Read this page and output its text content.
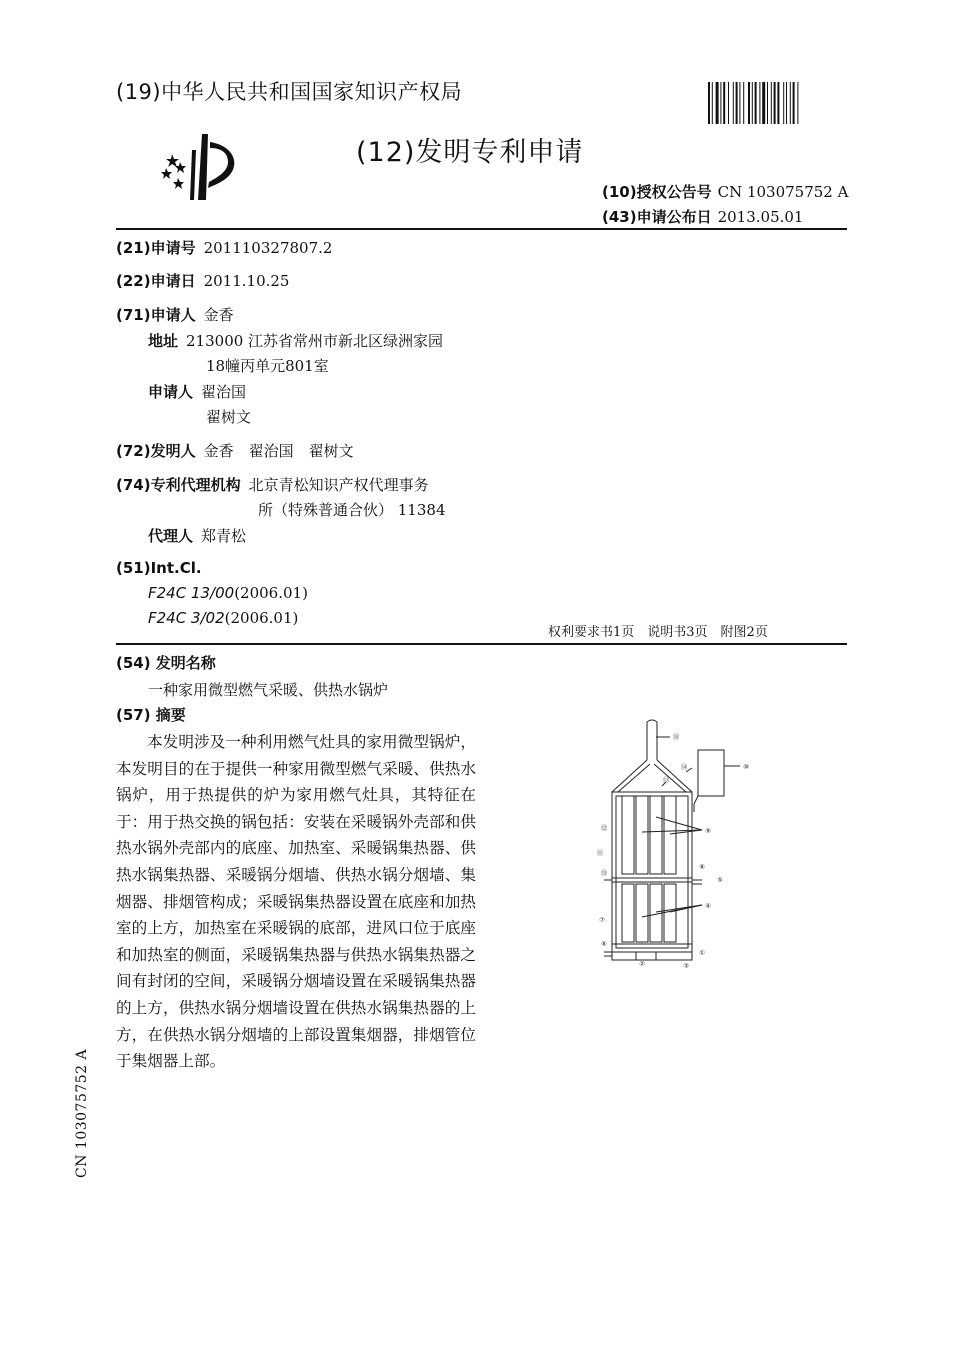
(19)中华人民共和国国家知识产权局
(12)发明专利申请
(10)授权公告号 CN 103075752 A
(43)申请公布日 2013.05.01
(21)申请号 201110327807.2
(22)申请日 2011.10.25
(71)申请人 金香
地址 213000 江苏省常州市新北区绿洲家园
18幢丙单元801室
申请人 翟治国
翟树文
(72)发明人 金香　翟治国　翟树文
(74)专利代理机构 北京青松知识产权代理事务
所（特殊普通合伙） 11384
代理人 郑青松
(51)Int.Cl.
F24C 13/00(2006.01)
F24C 3/02(2006.01)
权利要求书1页　说明书3页　附图2页
(54) 发明名称
一种家用微型燃气采暖、供热水锅炉
(57) 摘要
本发明涉及一种利用燃气灶具的家用微型锅炉，本发明目的在于提供一种家用微型燃气采暖、供热水锅炉，用于热提供的炉为家用燃气灶具，其特征在于：用于热交换的锅包括：安装在采暖锅外壳部和供热水锅外壳部内的底座、加热室、采暖锅集热器、供热水锅集热器、采暖锅分烟墙、供热水锅分烟墙、集烟器、排烟管构成；采暖锅集热器设置在底座和加热室的上方，加热室在采暖锅的底部，进风口位于底座和加热室的侧面，采暖锅集热器与供热水锅集热器之间有封闭的空间，采暖锅分烟墙设置在采暖锅集热器的上方，供热水锅分烟墙设置在供热水锅集热器的上方，在供热水锅分烟墙的上部设置集烟器，排烟管位于集烟器上部。
CN 103075752 A
⑯
⑭	⑩
⑬
⑫	⑨
⑪
⑧
⑤
④
⑦
⑥
①
②	③
⑮
